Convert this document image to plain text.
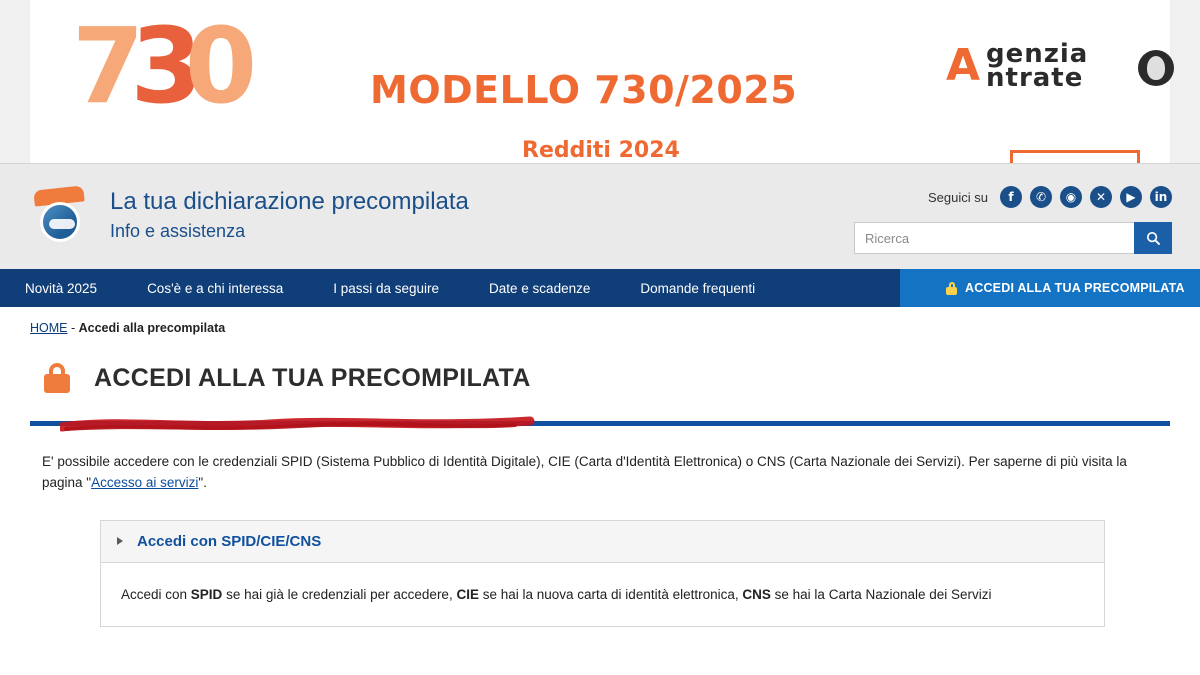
730	MODELLO 730/2025
Redditi 2024
A genzia
ntrate
La tua dichiarazione precompilata
Info e assistenza
Seguici su	f	✆	◉	✕	▶	in
Ricerca
Novità 2025	Cos'è e a chi interessa	I passi da seguire	Date e scadenze	Domande frequenti	ACCEDI ALLA TUA PRECOMPILATA
HOME - Accedi alla precompilata
ACCEDI ALLA TUA PRECOMPILATA

E' possibile accedere con le credenziali SPID (Sistema Pubblico di Identità Digitale), CIE (Carta d'Identità Elettronica) o CNS (Carta Nazionale dei Servizi). Per saperne di più visita la pagina "Accesso ai servizi".

Accedi con SPID/CIE/CNS
Accedi con SPID se hai già le credenziali per accedere, CIE se hai la nuova carta di identità elettronica, CNS se hai la Carta Nazionale dei Servizi
